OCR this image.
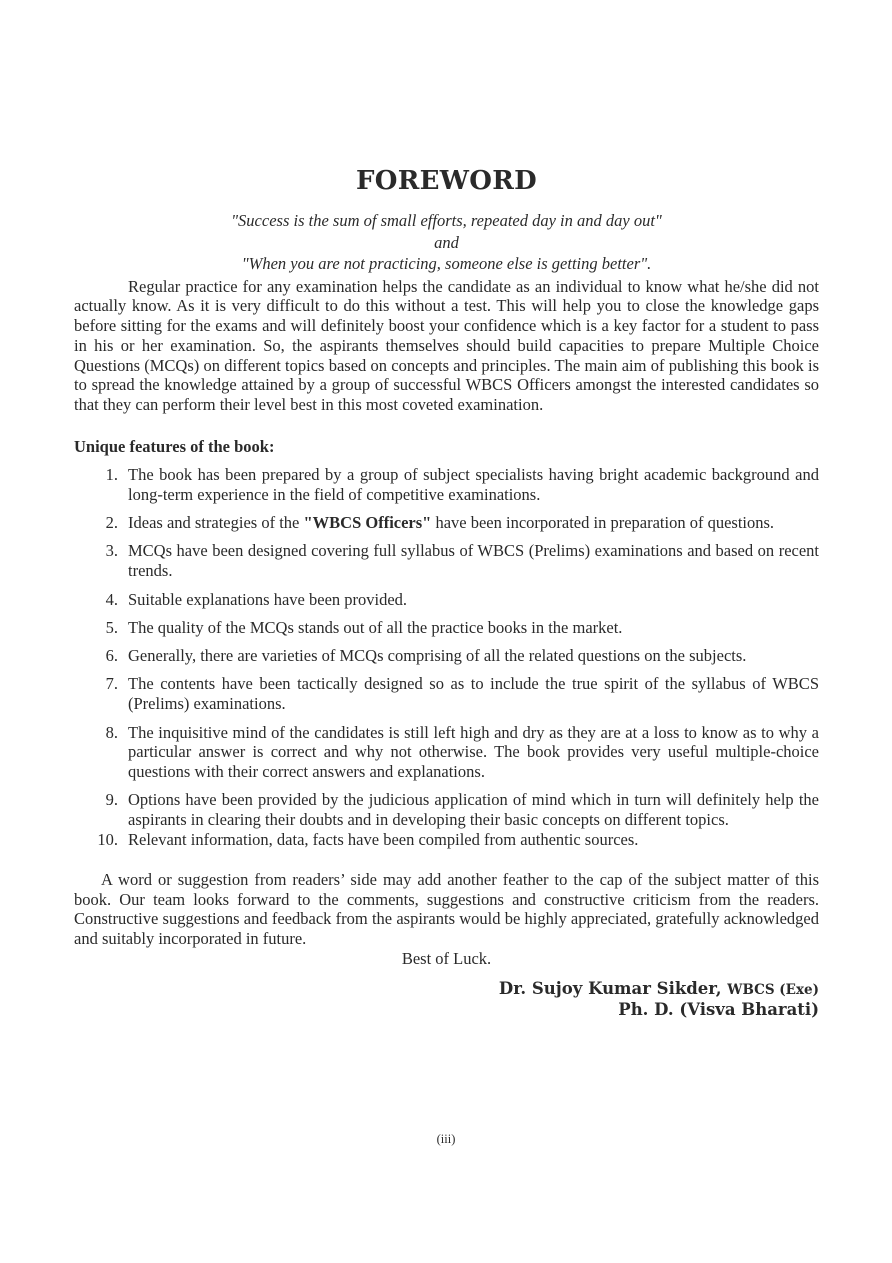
FOREWORD
"Success is the sum of small efforts, repeated day in and day out"
and
"When you are not practicing, someone else is getting better".

Regular practice for any examination helps the candidate as an individual to know what he/she did not actually know. As it is very difficult to do this without a test. This will help you to close the knowledge gaps before sitting for the exams and will definitely boost your confidence which is a key factor for a student to pass in his or her examination. So, the aspirants themselves should build capacities to prepare Multiple Choice Questions (MCQs) on different topics based on concepts and principles. The main aim of publishing this book is to spread the knowledge attained by a group of successful WBCS Officers amongst the interested candidates so that they can perform their level best in this most coveted examination.

Unique features of the book:
1. The book has been prepared by a group of subject specialists having bright academic background and long-term experience in the field of competitive examinations.
2. Ideas and strategies of the "WBCS Officers" have been incorporated in preparation of questions.
3. MCQs have been designed covering full syllabus of WBCS (Prelims) examinations and based on recent trends.
4. Suitable explanations have been provided.
5. The quality of the MCQs stands out of all the practice books in the market.
6. Generally, there are varieties of MCQs comprising of all the related questions on the subjects.
7. The contents have been tactically designed so as to include the true spirit of the syllabus of WBCS (Prelims) examinations.
8. The inquisitive mind of the candidates is still left high and dry as they are at a loss to know as to why a particular answer is correct and why not otherwise. The book provides very useful multiple-choice questions with their correct answers and explanations.
9. Options have been provided by the judicious application of mind which in turn will definitely help the aspirants in clearing their doubts and in developing their basic concepts on different topics.
10. Relevant information, data, facts have been compiled from authentic sources.

A word or suggestion from readers’ side may add another feather to the cap of the subject matter of this book. Our team looks forward to the comments, suggestions and constructive criticism from the readers. Constructive suggestions and feedback from the aspirants would be highly appreciated, gratefully acknowledged and suitably incorporated in future.

Best of Luck.
Dr. Sujoy Kumar Sikder, WBCS (Exe)
Ph. D. (Visva Bharati)
(iii)
